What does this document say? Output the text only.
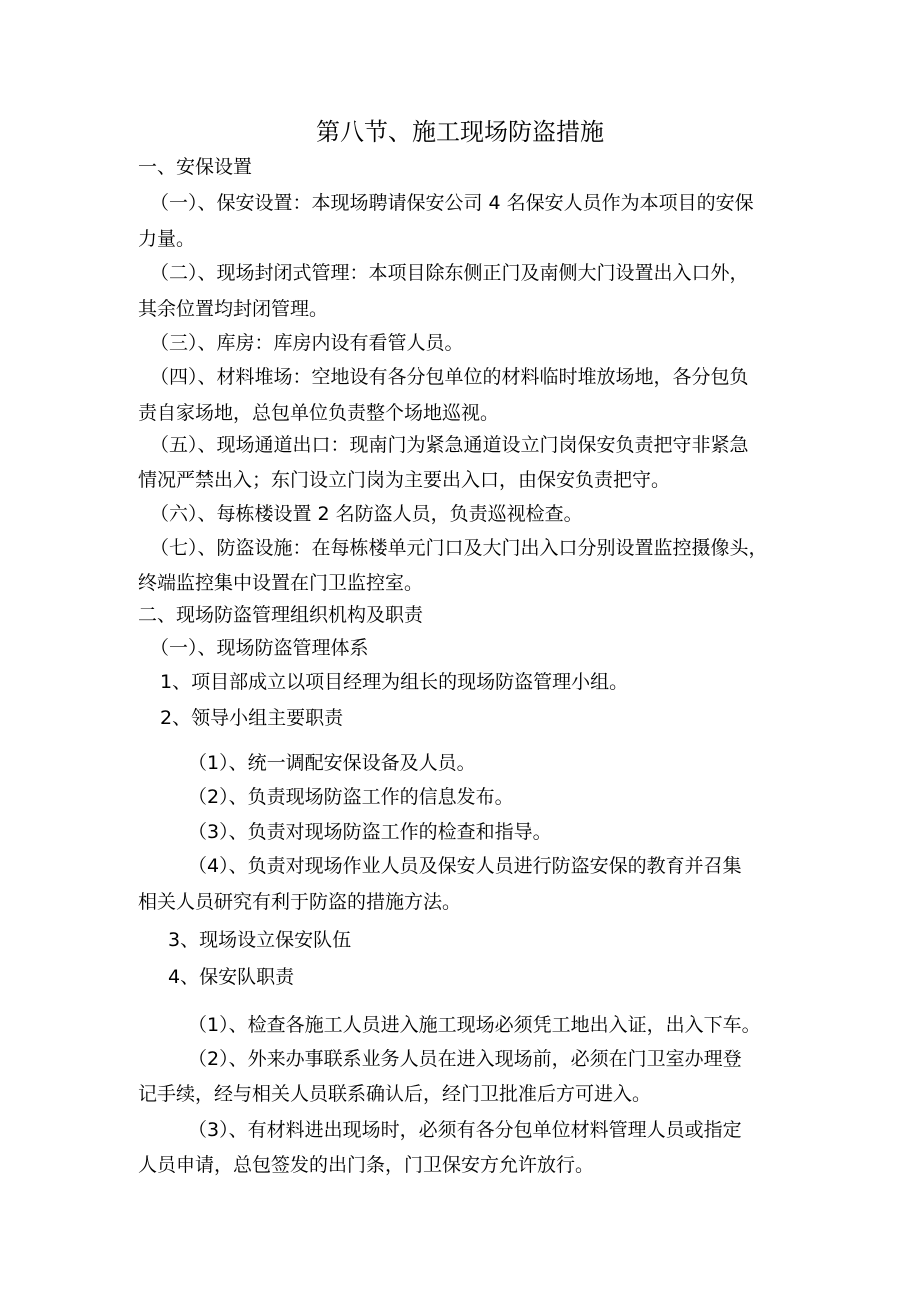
第八节、施工现场防盗措施

一、安保设置

（一）、保安设置：本现场聘请保安公司 4 名保安人员作为本项目的安保

力量。

（二）、现场封闭式管理：本项目除东侧正门及南侧大门设置出入口外，

其余位置均封闭管理。

（三）、库房：库房内设有看管人员。

（四）、材料堆场：空地设有各分包单位的材料临时堆放场地，各分包负

责自家场地，总包单位负责整个场地巡视。

（五）、现场通道出口：现南门为紧急通道设立门岗保安负责把守非紧急

情况严禁出入；东门设立门岗为主要出入口，由保安负责把守。

（六）、每栋楼设置 2 名防盗人员，负责巡视检查。

（七）、防盗设施：在每栋楼单元门口及大门出入口分别设置监控摄像头，

终端监控集中设置在门卫监控室。

二、现场防盗管理组织机构及职责

（一）、现场防盗管理体系

1、项目部成立以项目经理为组长的现场防盗管理小组。

2、领导小组主要职责

（1）、统一调配安保设备及人员。

（2）、负责现场防盗工作的信息发布。

（3）、负责对现场防盗工作的检查和指导。

（4）、负责对现场作业人员及保安人员进行防盗安保的教育并召集

相关人员研究有利于防盗的措施方法。

3、现场设立保安队伍

4、保安队职责

（1）、检查各施工人员进入施工现场必须凭工地出入证，出入下车。

（2）、外来办事联系业务人员在进入现场前，必须在门卫室办理登

记手续，经与相关人员联系确认后，经门卫批准后方可进入。

（3）、有材料进出现场时，必须有各分包单位材料管理人员或指定

人员申请，总包签发的出门条，门卫保安方允许放行。
